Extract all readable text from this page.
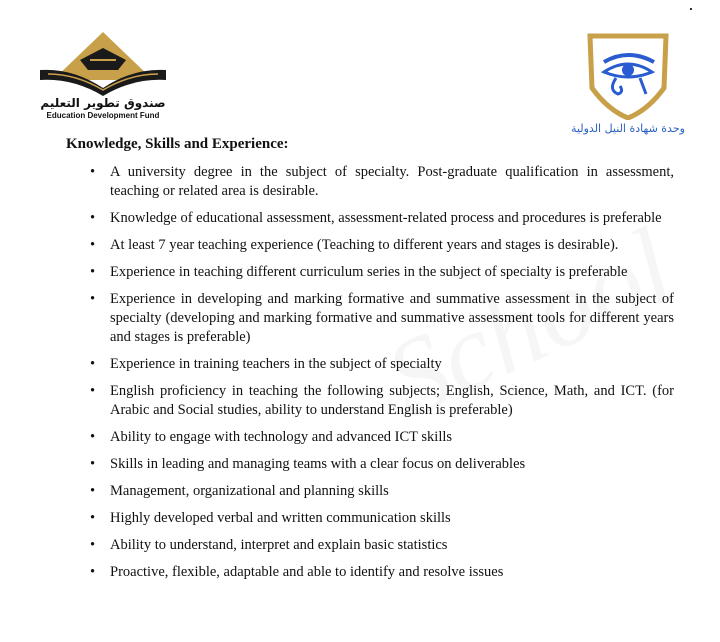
صندوق تطوير التعليم
Education Development Fund
وحدة شهادة النيل الدولية
Knowledge, Skills and Experience:
• A university degree in the subject of specialty. Post-graduate qualification in assessment, teaching or related area is desirable.
• Knowledge of educational assessment, assessment-related process and procedures is preferable
• At least 7 year teaching experience (Teaching to different years and stages is desirable).
• Experience in teaching different curriculum series in the subject of specialty is preferable
• Experience in developing and marking formative and summative assessment in the subject of specialty (developing and marking formative and summative assessment tools for different years and stages is preferable)
• Experience in training teachers in the subject of specialty
• English proficiency in teaching the following subjects; English, Science, Math, and ICT. (for Arabic and Social studies, ability to understand English is preferable)
• Ability to engage with technology and advanced ICT skills
• Skills in leading and managing teams with a clear focus on deliverables
• Management, organizational and planning skills
• Highly developed verbal and written communication skills
• Ability to understand, interpret and explain basic statistics
• Proactive, flexible, adaptable and able to identify and resolve issues
